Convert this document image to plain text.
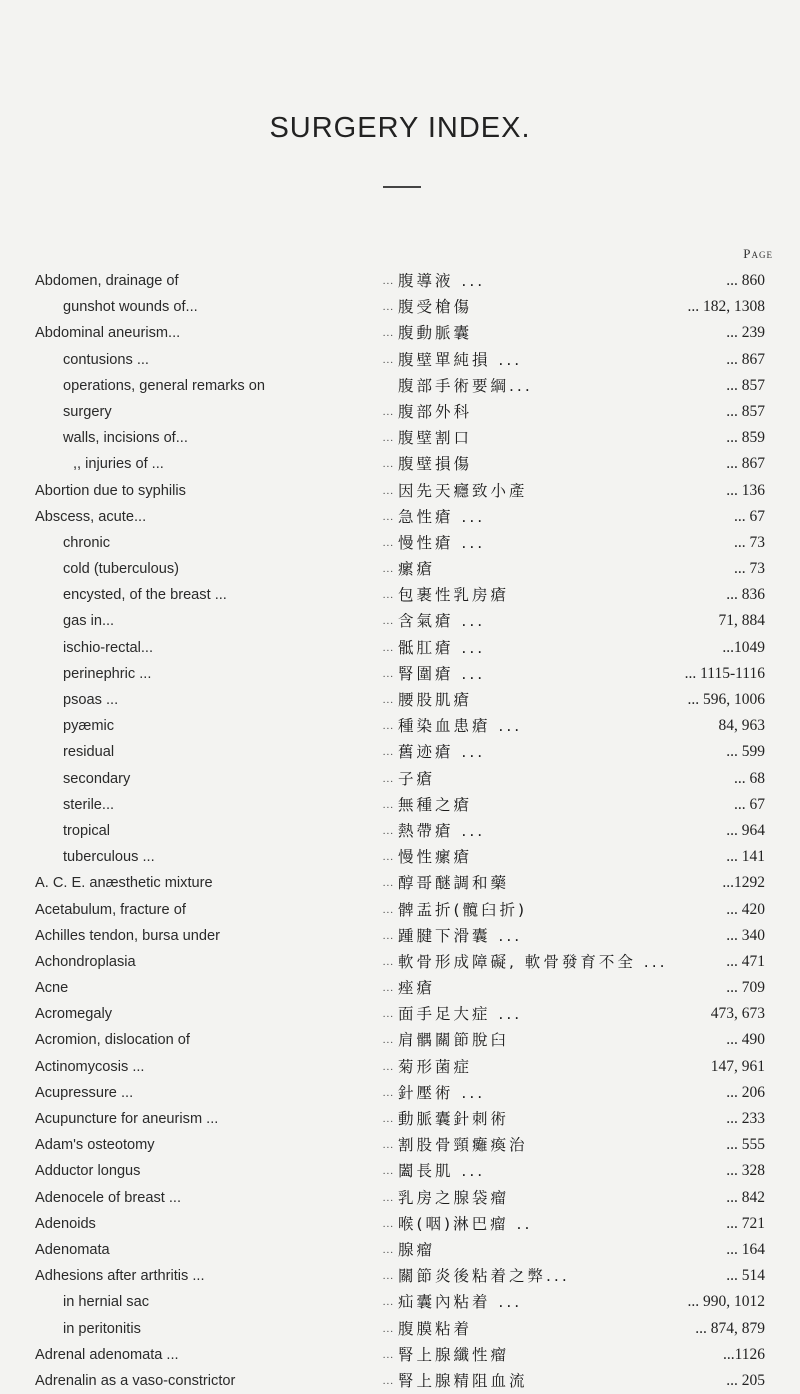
SURGERY INDEX.
Page
Abdomen, drainage of	... 腹導液 ...	... 860
gunshot wounds of...	... 腹受槍傷	... 182, 1308
Abdominal aneurism...	... 腹動脈囊	... 239
contusions ...	... 腹壁單純損 ...	... 867
operations, general remarks on	腹部手術要綱...	... 857
surgery	... 腹部外科	... 857
walls, incisions of...	... 腹壁割口	... 859
,, injuries of ...	... 腹壁損傷	... 867
Abortion due to syphilis	... 因先天癮致小產	... 136
Abscess, acute...	... 急性瘡 ...	... 67
chronic	... 慢性瘡 ...	... 73
cold (tuberculous)	... 瘰瘡	... 73
encysted, of the breast ...	... 包裹性乳房瘡	... 836
gas in...	... 含氣瘡 ...	71, 884
ischio-rectal...	... 骶肛瘡 ...	...1049
perinephric ...	... 腎圍瘡 ...	... 1115-1116
psoas ...	... 腰股肌瘡	... 596, 1006
pyæmic	... 種染血患瘡 ...	84, 963
residual	... 舊迹瘡 ...	... 599
secondary	... 子瘡	... 68
sterile...	... 無種之瘡	... 67
tropical	... 熱帶瘡 ...	... 964
tuberculous ...	... 慢性瘰瘡	... 141
A. C. E. anæsthetic mixture	... 醇哥醚調和藥	...1292
Acetabulum, fracture of	... 髀盂折(髖臼折)	... 420
Achilles tendon, bursa under	... 踵腱下滑囊 ...	... 340
Achondroplasia	... 軟骨形成障礙, 軟骨發育不全 ...	... 471
Acne	... 痤瘡	... 709
Acromegaly	... 面手足大症 ...	473, 673
Acromion, dislocation of	... 肩髃關節脫臼	... 490
Actinomycosis ...	... 菊形菌症	147, 961
Acupressure ...	... 針壓術 ...	... 206
Acupuncture for aneurism ...	... 動脈囊針刺術	... 233
Adam's osteotomy	... 割股骨頸癱瘓治	... 555
Adductor longus	... 闔長肌 ...	... 328
Adenocele of breast ...	... 乳房之腺袋瘤	... 842
Adenoids	... 喉(咽)淋巴瘤 ..	... 721
Adenomata	... 腺瘤	... 164
Adhesions after arthritis ...	... 關節炎後粘着之弊...	... 514
in hernial sac	... 疝囊內粘着 ...	... 990, 1012
in peritonitis	... 腹膜粘着	... 874, 879
Adrenal adenomata ...	... 腎上腺纖性瘤	...1126
Adrenalin as a vaso-constrictor	... 腎上腺精阻血流	... 205
